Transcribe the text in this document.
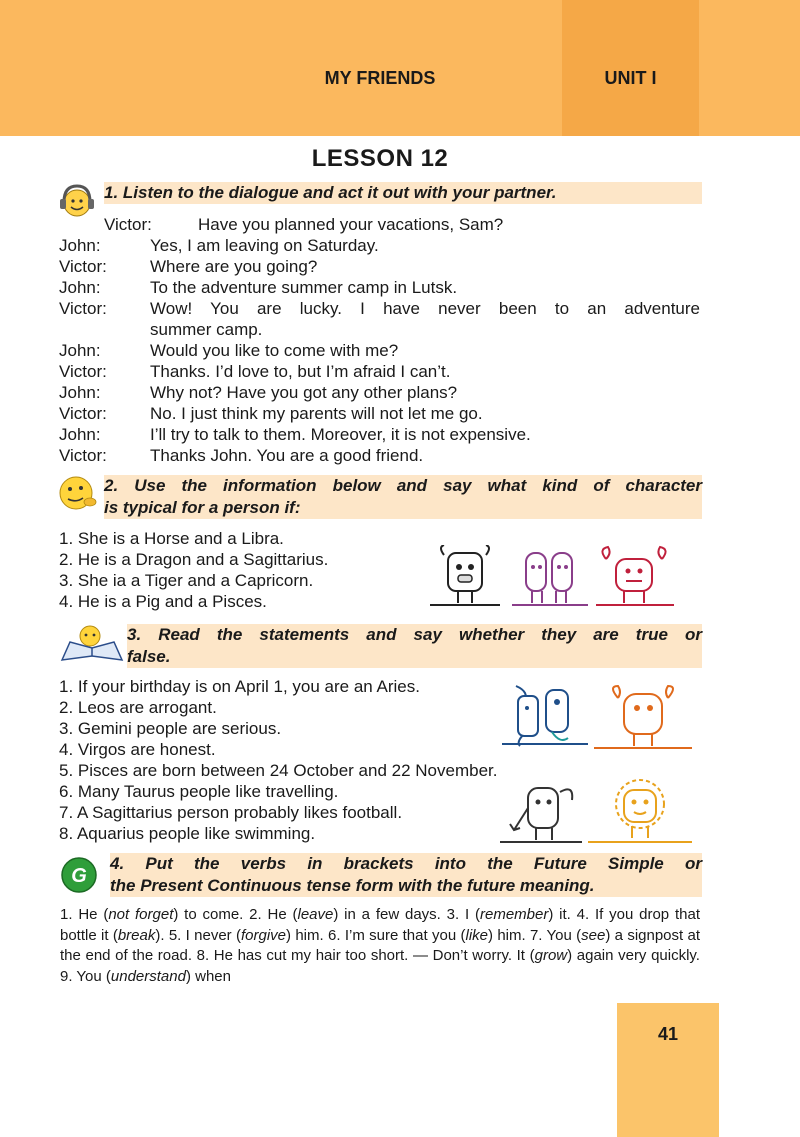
MY FRIENDS	UNIT I
LESSON 12
1. Listen to the dialogue and act it out with your partner.
Victor:	Have you planned your vacations, Sam?
John:	Yes, I am leaving on Saturday.
Victor:	Where are you going?
John:	To the adventure summer camp in Lutsk.
Victor:	Wow! You are lucky. I have never been to an adventure
summer camp.
John:	Would you like to come with me?
Victor:	Thanks. I’d love to, but I’m afraid I can’t.
John:	Why not? Have you got any other plans?
Victor:	No. I just think my parents will not let me go.
John:	I’ll try to talk to them. Moreover, it is not expensive.
Victor:	Thanks John. You are a good friend.
2. Use the information below and say what kind of character
is typical for a person if:
1. She is a Horse and a Libra.
2. He is a Dragon and a Sagittarius.
3. She ia a Tiger and a Capricorn.
4. He is a Pig and a Pisces.
3. Read the statements and say whether they are true or
false.
1. If your birthday is on April 1, you are an Aries.
2. Leos are arrogant.
3. Gemini people are serious.
4. Virgos are honest.
5. Pisces are born between 24 October and 22 November.
6. Many Taurus people like travelling.
7. A Sagittarius person probably likes football.
8. Aquarius people like swimming.
G
4. Put the verbs in brackets into the Future Simple or
the Present Continuous tense form with the future meaning.
1. He (not forget) to come. 2. He (leave) in a few days. 3. I (remember) it. 4. If you drop that bottle it (break). 5. I never (forgive) him. 6. I’m sure that you (like) him. 7. You (see) a signpost at the end of the road. 8. He has cut my hair too short. — Don’t worry. It (grow) again very quickly. 9. You (understand) when
41
